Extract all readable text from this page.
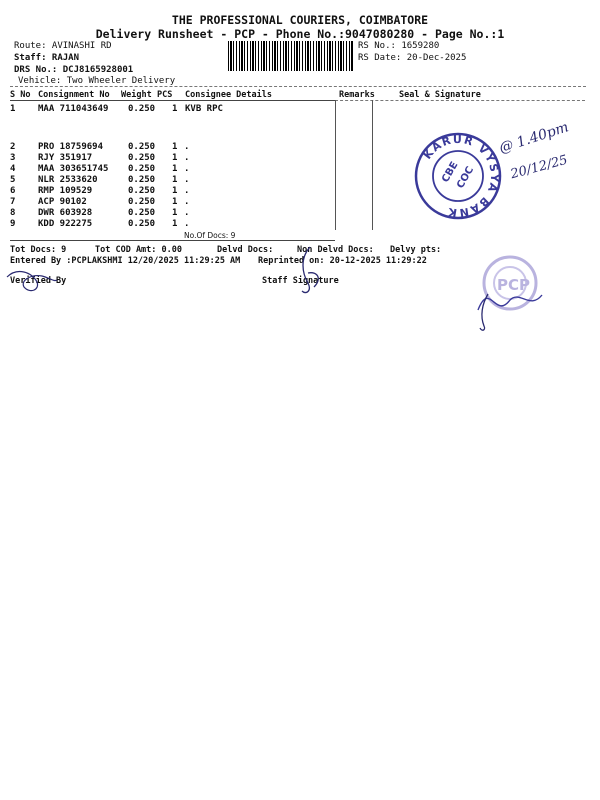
THE PROFESSIONAL COURIERS, COIMBATORE
Delivery Runsheet - PCP - Phone No.:9047080280 - Page No.:1
Route: AVINASHI RD
Staff: RAJAN
DRS No.: DCJ8165928001
Vehicle: Two Wheeler Delivery
RS No.: 1659280
RS Date: 20-Dec-2025
S No Consignment No Weight PCS Consignee Details	Remarks	Seal & Signature
1	MAA 711043649 0.250 1 KVB RPC
2	PRO 18759694	0.250 1 .
3	RJY 351917	0.250 1 .
4	MAA 303651745 0.250 1 .
5	NLR 2533620	0.250 1 .
6	RMP 109529	0.250 1 .
7	ACP 90102	0.250 1 .
8	DWR 603928	0.250 1 .
9	KDD 922275	0.250 1 .
No.Of Docs: 9
Tot Docs: 9	Tot COD Amt: 0.00	Delvd Docs:	Non Delvd Docs: Delvy pts:
Entered By :PCPLAKSHMI 12/20/2025 11:29:25 AM Reprinted on: 20-12-2025 11:29:22
Verified By	Staff Signature
KARUR VYSYA BANK
CBE
COC
@ 1.40pm
20/12/25
PCP
